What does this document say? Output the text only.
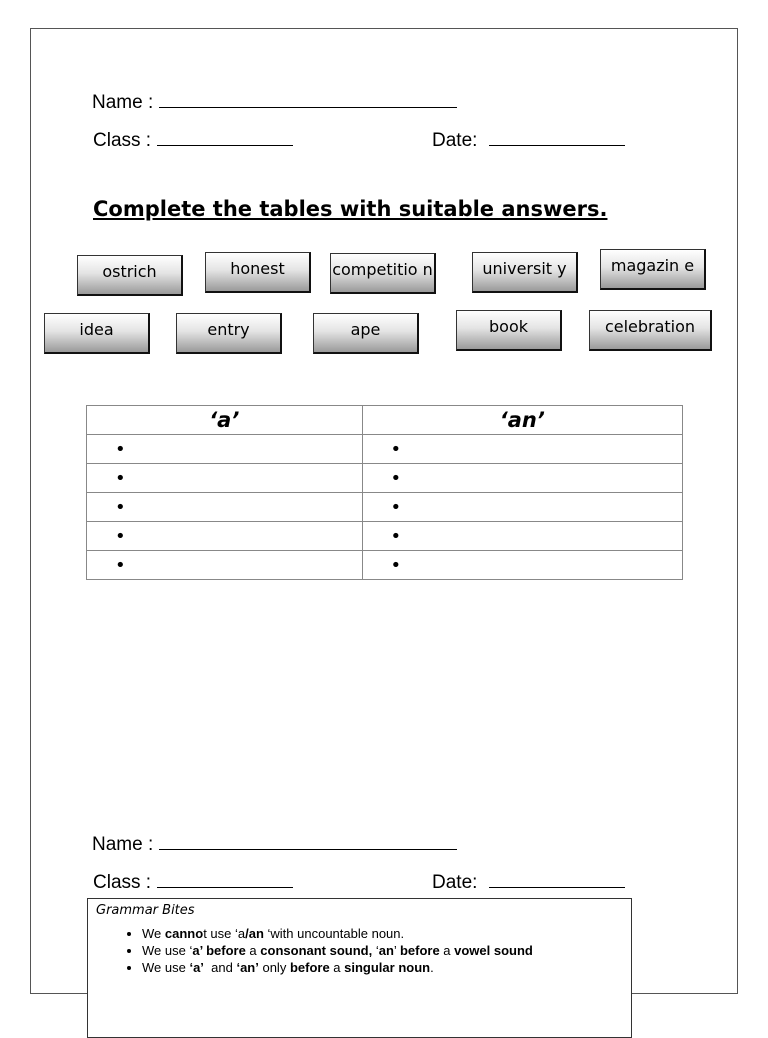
Name :
Class :	Date:
Complete the tables with suitable answers.
ostrich	honest	competitio n	universit y	magazin e
idea	entry	ape	book	celebration
‘a’	‘an’
•	•
•	•
•	•
•	•
•	•
Name :
Class :	Date:
Grammar Bites
• We cannot use ‘a/an ‘with uncountable noun.
• We use ‘a’ before a consonant sound, ‘an’ before a vowel sound
• We use ‘a’  and ‘an’ only before a singular noun.
